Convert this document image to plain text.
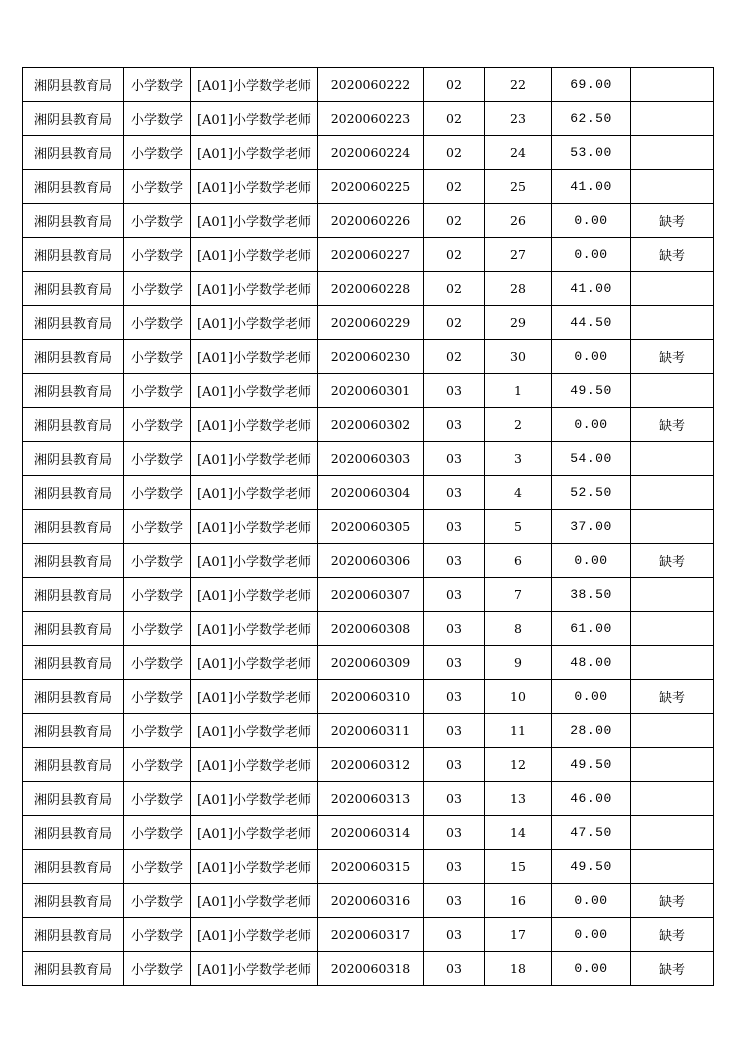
湘阴县教育局	小学数学	[A01]小学数学老师	2020060222	02	22	69.00	
湘阴县教育局	小学数学	[A01]小学数学老师	2020060223	02	23	62.50	
湘阴县教育局	小学数学	[A01]小学数学老师	2020060224	02	24	53.00	
湘阴县教育局	小学数学	[A01]小学数学老师	2020060225	02	25	41.00	
湘阴县教育局	小学数学	[A01]小学数学老师	2020060226	02	26	0.00	缺考
湘阴县教育局	小学数学	[A01]小学数学老师	2020060227	02	27	0.00	缺考
湘阴县教育局	小学数学	[A01]小学数学老师	2020060228	02	28	41.00	
湘阴县教育局	小学数学	[A01]小学数学老师	2020060229	02	29	44.50	
湘阴县教育局	小学数学	[A01]小学数学老师	2020060230	02	30	0.00	缺考
湘阴县教育局	小学数学	[A01]小学数学老师	2020060301	03	1	49.50	
湘阴县教育局	小学数学	[A01]小学数学老师	2020060302	03	2	0.00	缺考
湘阴县教育局	小学数学	[A01]小学数学老师	2020060303	03	3	54.00	
湘阴县教育局	小学数学	[A01]小学数学老师	2020060304	03	4	52.50	
湘阴县教育局	小学数学	[A01]小学数学老师	2020060305	03	5	37.00	
湘阴县教育局	小学数学	[A01]小学数学老师	2020060306	03	6	0.00	缺考
湘阴县教育局	小学数学	[A01]小学数学老师	2020060307	03	7	38.50	
湘阴县教育局	小学数学	[A01]小学数学老师	2020060308	03	8	61.00	
湘阴县教育局	小学数学	[A01]小学数学老师	2020060309	03	9	48.00	
湘阴县教育局	小学数学	[A01]小学数学老师	2020060310	03	10	0.00	缺考
湘阴县教育局	小学数学	[A01]小学数学老师	2020060311	03	11	28.00	
湘阴县教育局	小学数学	[A01]小学数学老师	2020060312	03	12	49.50	
湘阴县教育局	小学数学	[A01]小学数学老师	2020060313	03	13	46.00	
湘阴县教育局	小学数学	[A01]小学数学老师	2020060314	03	14	47.50	
湘阴县教育局	小学数学	[A01]小学数学老师	2020060315	03	15	49.50	
湘阴县教育局	小学数学	[A01]小学数学老师	2020060316	03	16	0.00	缺考
湘阴县教育局	小学数学	[A01]小学数学老师	2020060317	03	17	0.00	缺考
湘阴县教育局	小学数学	[A01]小学数学老师	2020060318	03	18	0.00	缺考
